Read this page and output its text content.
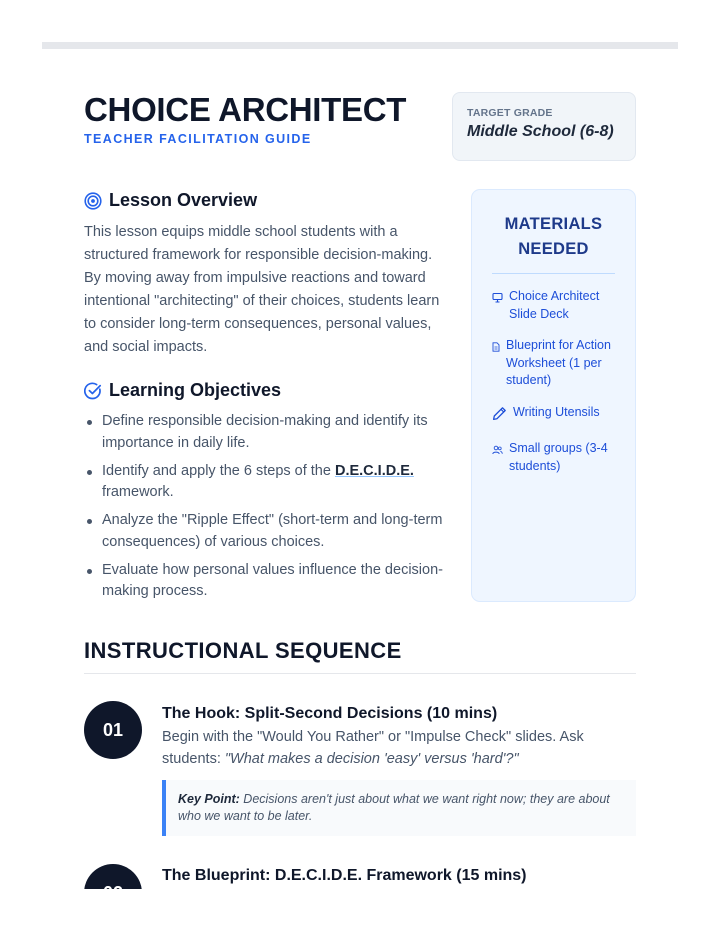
CHOICE ARCHITECT
TEACHER FACILITATION GUIDE
TARGET GRADE
Middle School (6-8)
Lesson Overview

This lesson equips middle school students with a structured framework for responsible decision-making. By moving away from impulsive reactions and toward intentional "architecting" of their choices, students learn to consider long-term consequences, personal values, and social impacts.

Learning Objectives
Define responsible decision-making and identify its importance in daily life.
Identify and apply the 6 steps of the D.E.C.I.D.E.
framework.
Analyze the "Ripple Effect" (short-term and long-term consequences) of various choices.
Evaluate how personal values influence the decision-making process.
MATERIALS NEEDED
Choice Architect Slide Deck
Blueprint for Action Worksheet (1 per student)
Writing Utensils
Small groups (3-4 students)
INSTRUCTIONAL SEQUENCE
01
The Hook: Split-Second Decisions (10 mins)

Begin with the "Would You Rather" or "Impulse Check" slides. Ask students: "What makes a decision 'easy' versus 'hard'?"

Key Point: Decisions aren't just about what we want right now; they are about who we want to be later.
The Blueprint: D.E.C.I.D.E. Framework (15 mins)
